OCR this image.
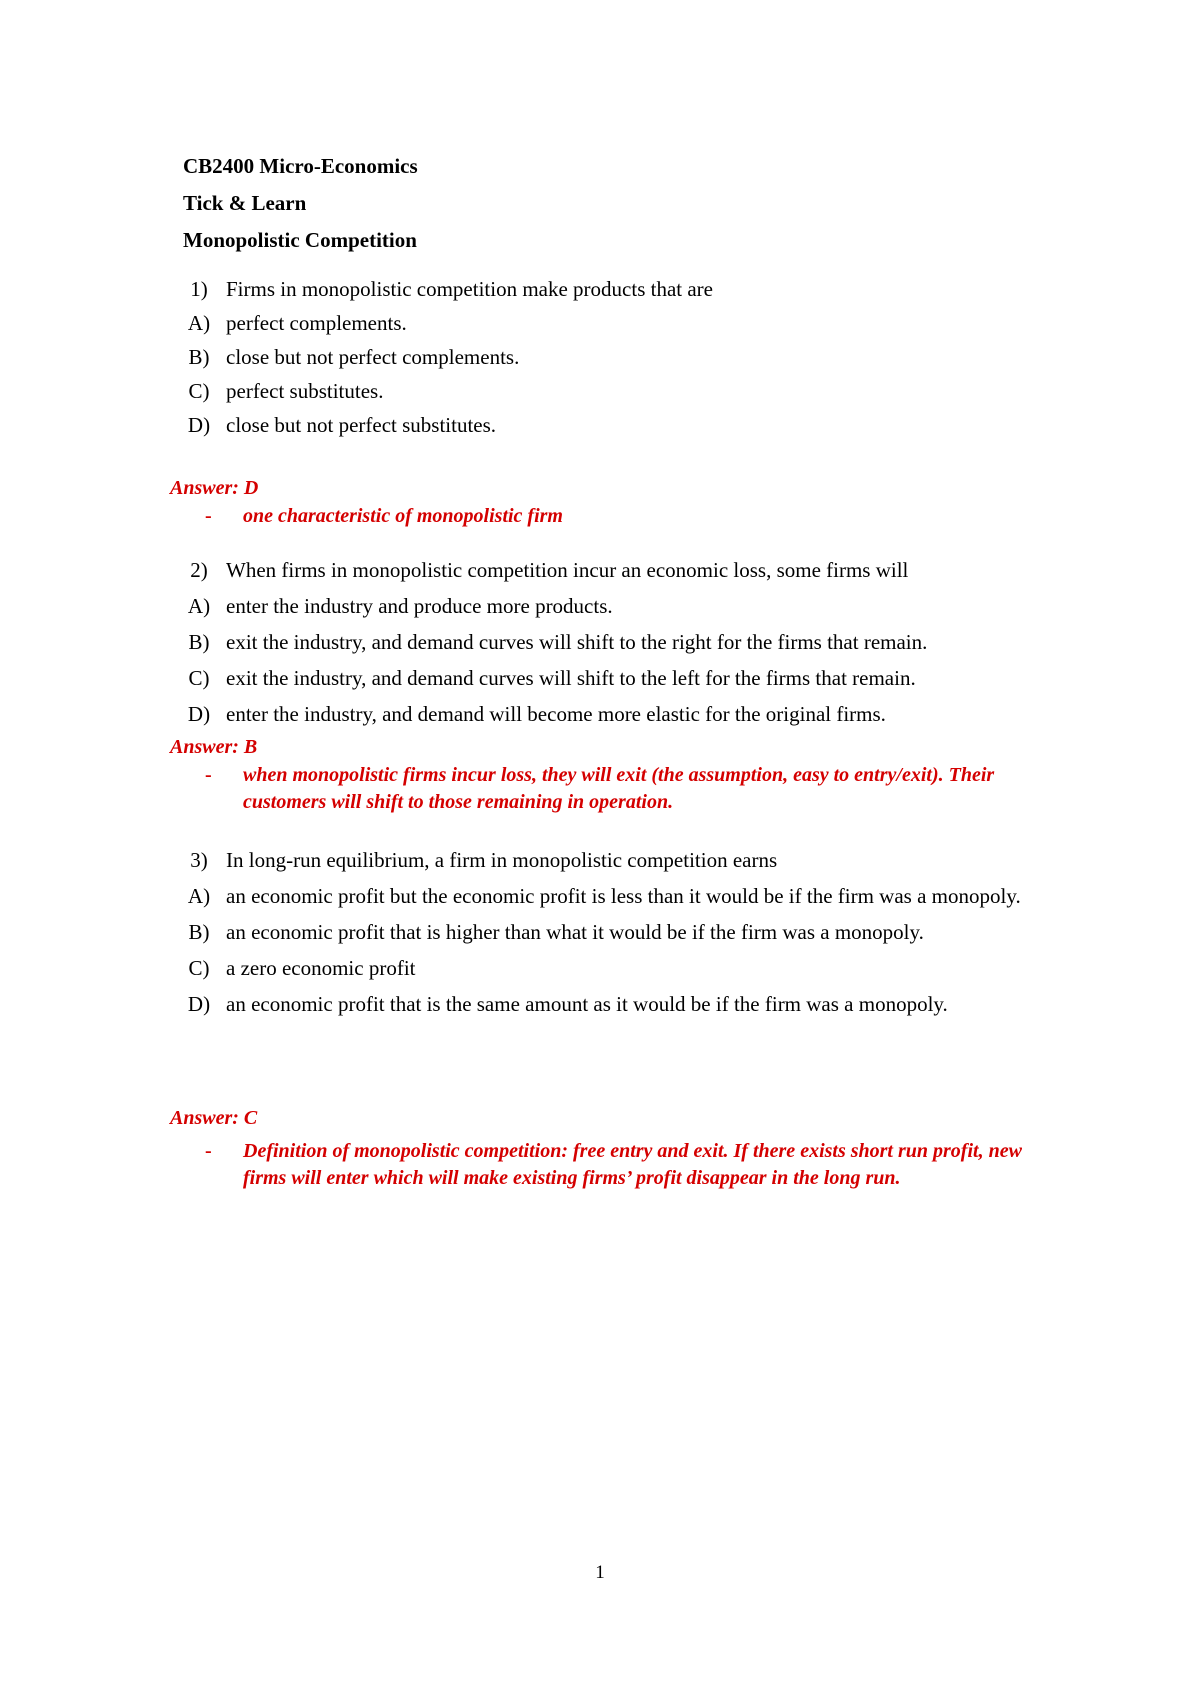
CB2400 Micro-Economics
Tick & Learn
Monopolistic Competition
1) Firms in monopolistic competition make products that are
A) perfect complements.
B) close but not perfect complements.
C) perfect substitutes.
D) close but not perfect substitutes.
Answer: D
-	one characteristic of monopolistic firm
2) When firms in monopolistic competition incur an economic loss, some firms will
A) enter the industry and produce more products.
B) exit the industry, and demand curves will shift to the right for the firms that remain.
C) exit the industry, and demand curves will shift to the left for the firms that remain.
D) enter the industry, and demand will become more elastic for the original firms.
Answer: B
-	when monopolistic firms incur loss, they will exit (the assumption, easy to entry/exit). Their customers will shift to those remaining in operation.
3) In long-run equilibrium, a firm in monopolistic competition earns
A) an economic profit but the economic profit is less than it would be if the firm was a monopoly.
B) an economic profit that is higher than what it would be if the firm was a monopoly.
C) a zero economic profit
D) an economic profit that is the same amount as it would be if the firm was a monopoly.
Answer: C
-	Definition of monopolistic competition: free entry and exit. If there exists short run profit, new firms will enter which will make existing firms’ profit disappear in the long run.
1
